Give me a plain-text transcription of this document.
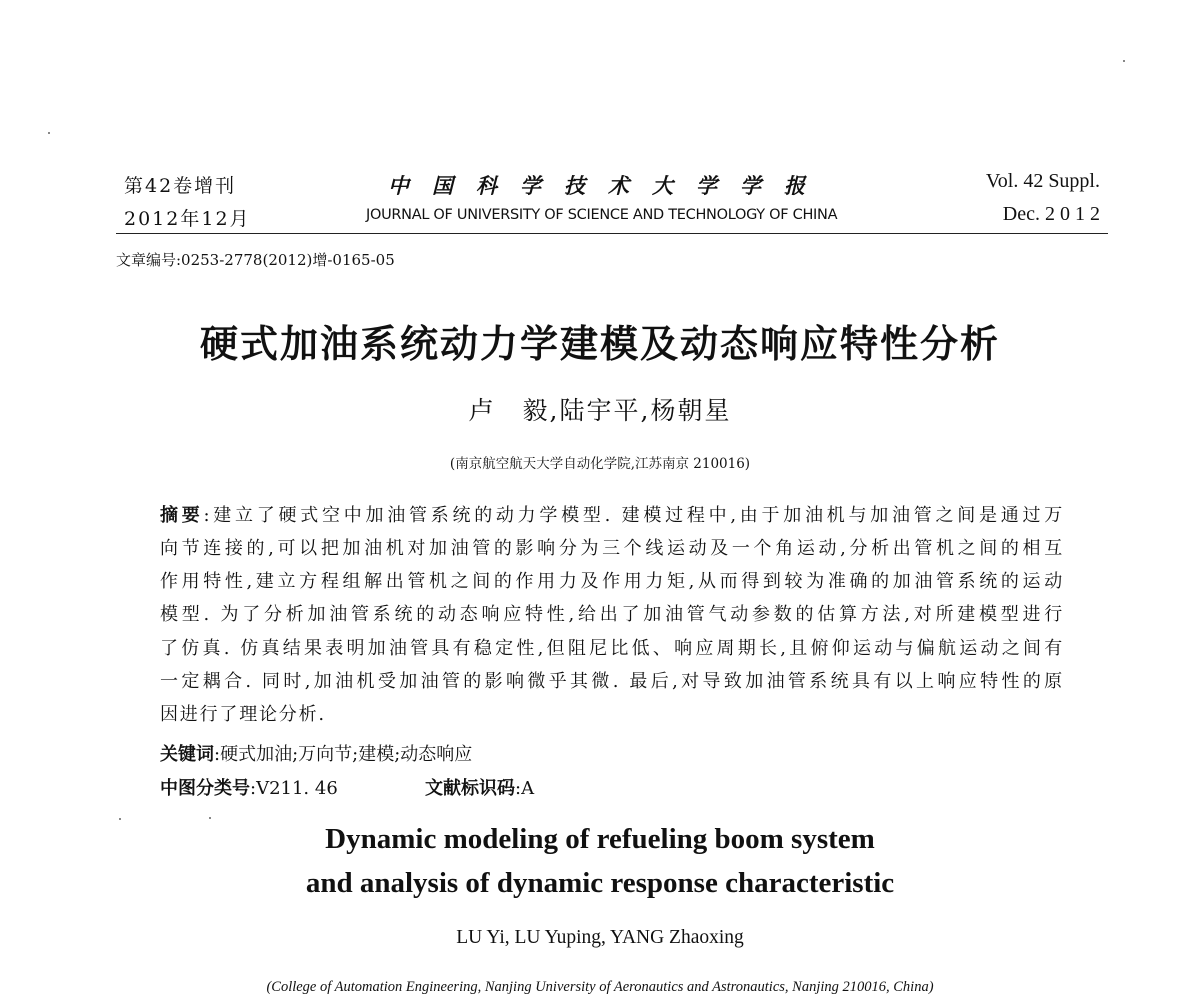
第42卷增刊
2012年12月
中国科学技术大学学报
JOURNAL OF UNIVERSITY OF SCIENCE AND TECHNOLOGY OF CHINA
Vol. 42 Suppl.
Dec. 2 0 1 2
文章编号:0253-2778(2012)增-0165-05
硬式加油系统动力学建模及动态响应特性分析
卢　毅,陆宇平,杨朝星
(南京航空航天大学自动化学院,江苏南京 210016)
摘要:建立了硬式空中加油管系统的动力学模型. 建模过程中,由于加油机与加油管之间是通过万
向节连接的,可以把加油机对加油管的影响分为三个线运动及一个角运动,分析出管机之间的相互
作用特性,建立方程组解出管机之间的作用力及作用力矩,从而得到较为准确的加油管系统的运动
模型. 为了分析加油管系统的动态响应特性,给出了加油管气动参数的估算方法,对所建模型进行
了仿真. 仿真结果表明加油管具有稳定性,但阻尼比低、响应周期长,且俯仰运动与偏航运动之间有
一定耦合. 同时,加油机受加油管的影响微乎其微. 最后,对导致加油管系统具有以上响应特性的原
因进行了理论分析.
关键词:硬式加油;万向节;建模;动态响应
中图分类号:V211. 46	文献标识码:A
Dynamic modeling of refueling boom system
and analysis of dynamic response characteristic
LU Yi, LU Yuping, YANG Zhaoxing
(College of Automation Engineering, Nanjing University of Aeronautics and Astronautics, Nanjing 210016, China)
